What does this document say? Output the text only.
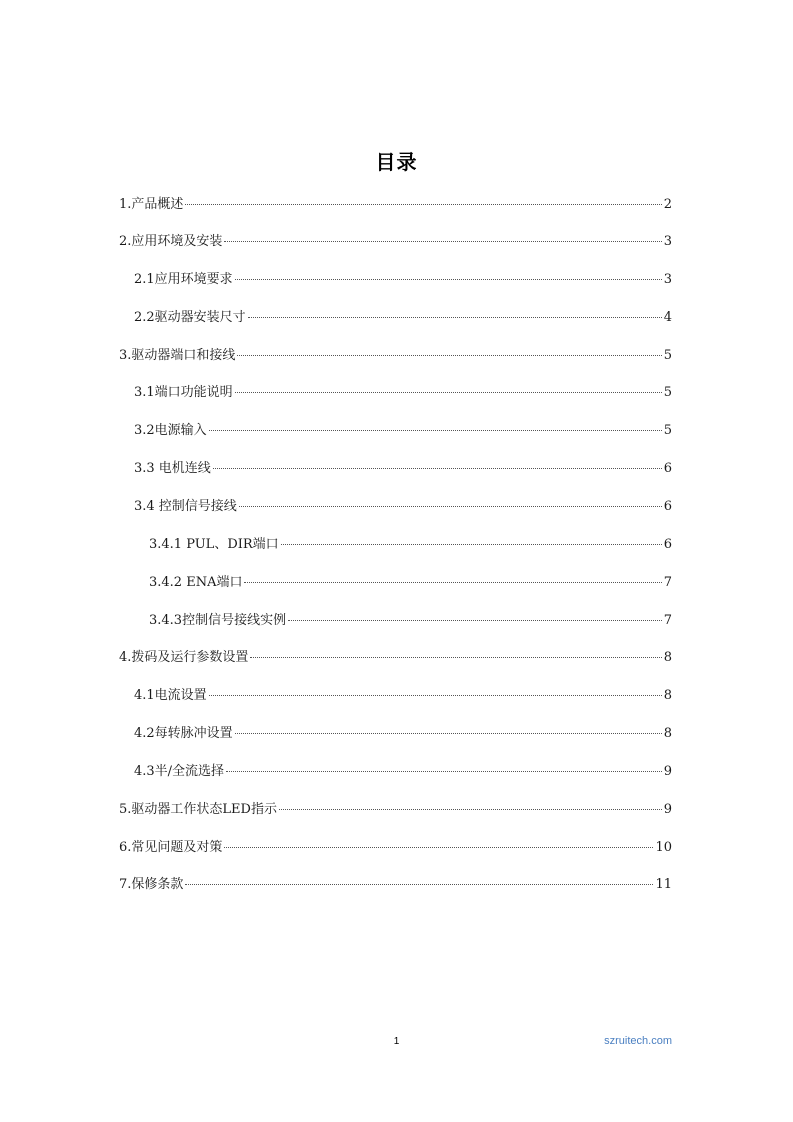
目录
1.产品概述	2
2.应用环境及安装	3
2.1应用环境要求	3
2.2驱动器安装尺寸	4
3.驱动器端口和接线	5
3.1端口功能说明	5
3.2电源输入	5
3.3 电机连线	6
3.4 控制信号接线	6
3.4.1 PUL、DIR端口	6
3.4.2 ENA端口	7
3.4.3控制信号接线实例	7
4.拨码及运行参数设置	8
4.1电流设置	8
4.2每转脉冲设置	8
4.3半/全流选择	9
5.驱动器工作状态LED指示	9
6.常见问题及对策	10
7.保修条款	11
1	szruitech.com
